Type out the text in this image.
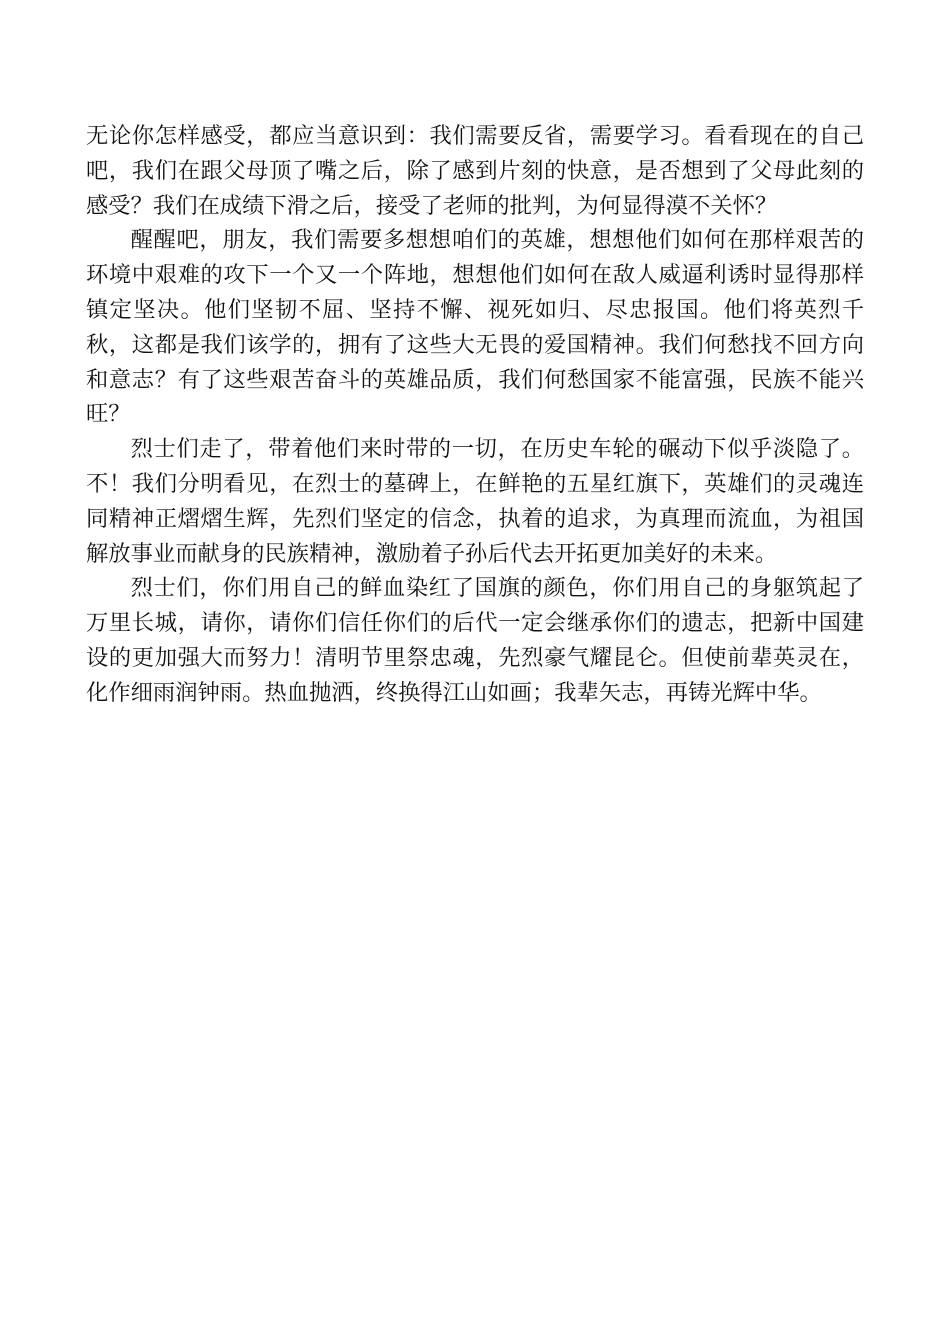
无论你怎样感受，都应当意识到：我们需要反省，需要学习。看看现在的自己吧，我们在跟父母顶了嘴之后，除了感到片刻的快意，是否想到了父母此刻的感受？我们在成绩下滑之后，接受了老师的批判，为何显得漠不关怀？

醒醒吧，朋友，我们需要多想想咱们的英雄，想想他们如何在那样艰苦的环境中艰难的攻下一个又一个阵地，想想他们如何在敌人威逼利诱时显得那样镇定坚决。他们坚韧不屈、坚持不懈、视死如归、尽忠报国。他们将英烈千秋，这都是我们该学的，拥有了这些大无畏的爱国精神。我们何愁找不回方向和意志？有了这些艰苦奋斗的英雄品质，我们何愁国家不能富强，民族不能兴旺？

烈士们走了，带着他们来时带的一切，在历史车轮的碾动下似乎淡隐了。不！我们分明看见，在烈士的墓碑上，在鲜艳的五星红旗下，英雄们的灵魂连同精神正熠熠生辉，先烈们坚定的信念，执着的追求，为真理而流血，为祖国解放事业而献身的民族精神，激励着子孙后代去开拓更加美好的未来。

烈士们，你们用自己的鲜血染红了国旗的颜色，你们用自己的身躯筑起了万里长城，请你，请你们信任你们的后代一定会继承你们的遗志，把新中国建设的更加强大而努力！清明节里祭忠魂，先烈豪气耀昆仑。但使前辈英灵在，化作细雨润钟雨。热血抛洒，终换得江山如画；我辈矢志，再铸光辉中华。
